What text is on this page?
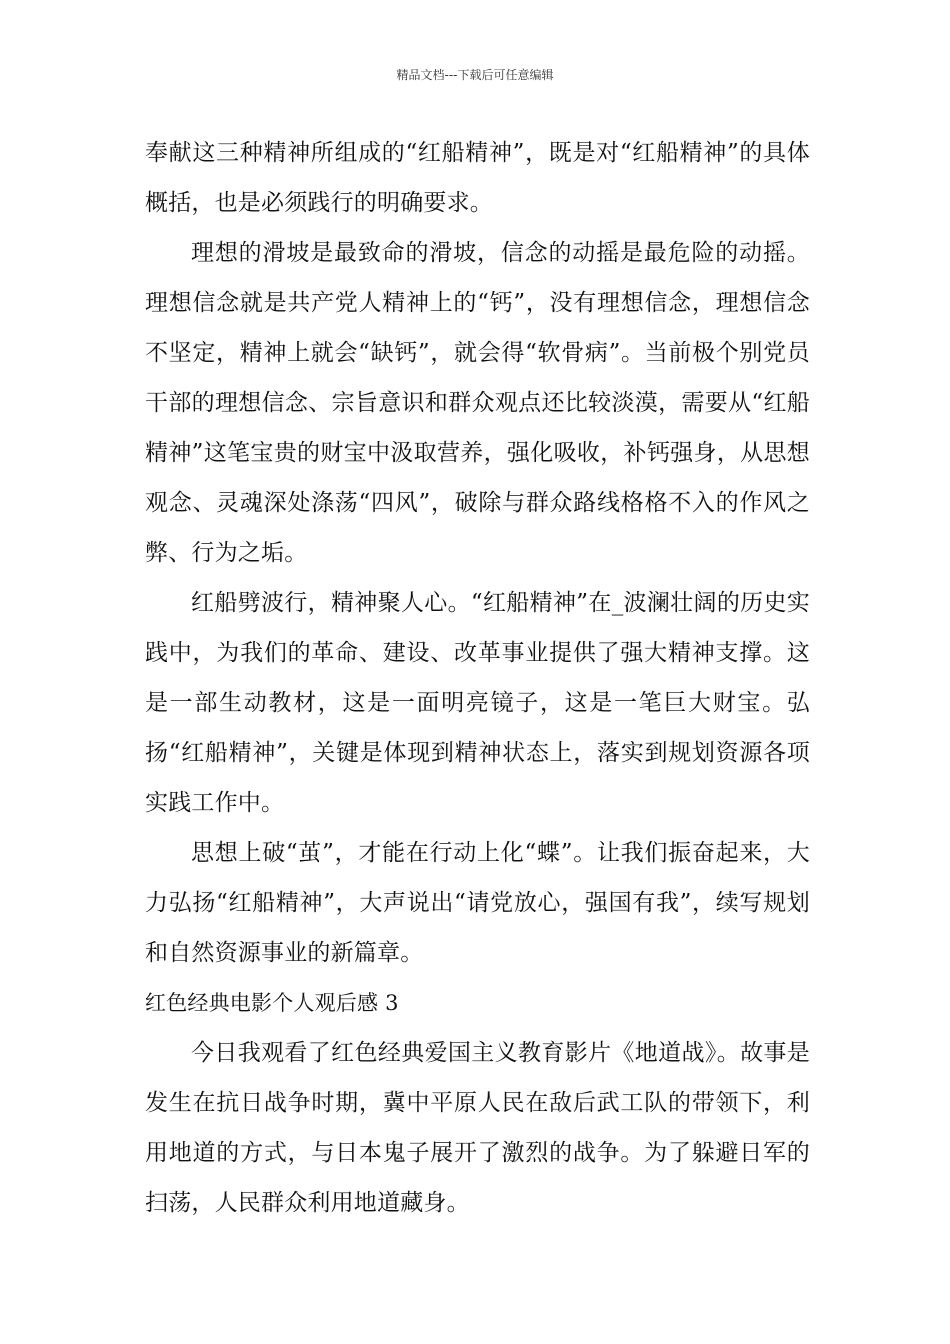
精品文档---下载后可任意编辑

奉献这三种精神所组成的“红船精神”，既是对“红船精神”的具体概括，也是必须践行的明确要求。

理想的滑坡是最致命的滑坡，信念的动摇是最危险的动摇。理想信念就是共产党人精神上的“钙”，没有理想信念，理想信念不坚定，精神上就会“缺钙”，就会得“软骨病”。当前极个别党员干部的理想信念、宗旨意识和群众观点还比较淡漠，需要从“红船精神”这笔宝贵的财宝中汲取营养，强化吸收，补钙强身，从思想观念、灵魂深处涤荡“四风”，破除与群众路线格格不入的作风之弊、行为之垢。

红船劈波行，精神聚人心。“红船精神”在_波澜壮阔的历史实践中，为我们的革命、建设、改革事业提供了强大精神支撑。这是一部生动教材，这是一面明亮镜子，这是一笔巨大财宝。弘扬“红船精神”，关键是体现到精神状态上，落实到规划资源各项实践工作中。

思想上破“茧”，才能在行动上化“蝶”。让我们振奋起来，大力弘扬“红船精神”，大声说出“请党放心，强国有我”，续写规划和自然资源事业的新篇章。

红色经典电影个人观后感 3

今日我观看了红色经典爱国主义教育影片《地道战》。故事是发生在抗日战争时期，冀中平原人民在敌后武工队的带领下，利用地道的方式，与日本鬼子展开了激烈的战争。为了躲避日军的扫荡，人民群众利用地道藏身。
